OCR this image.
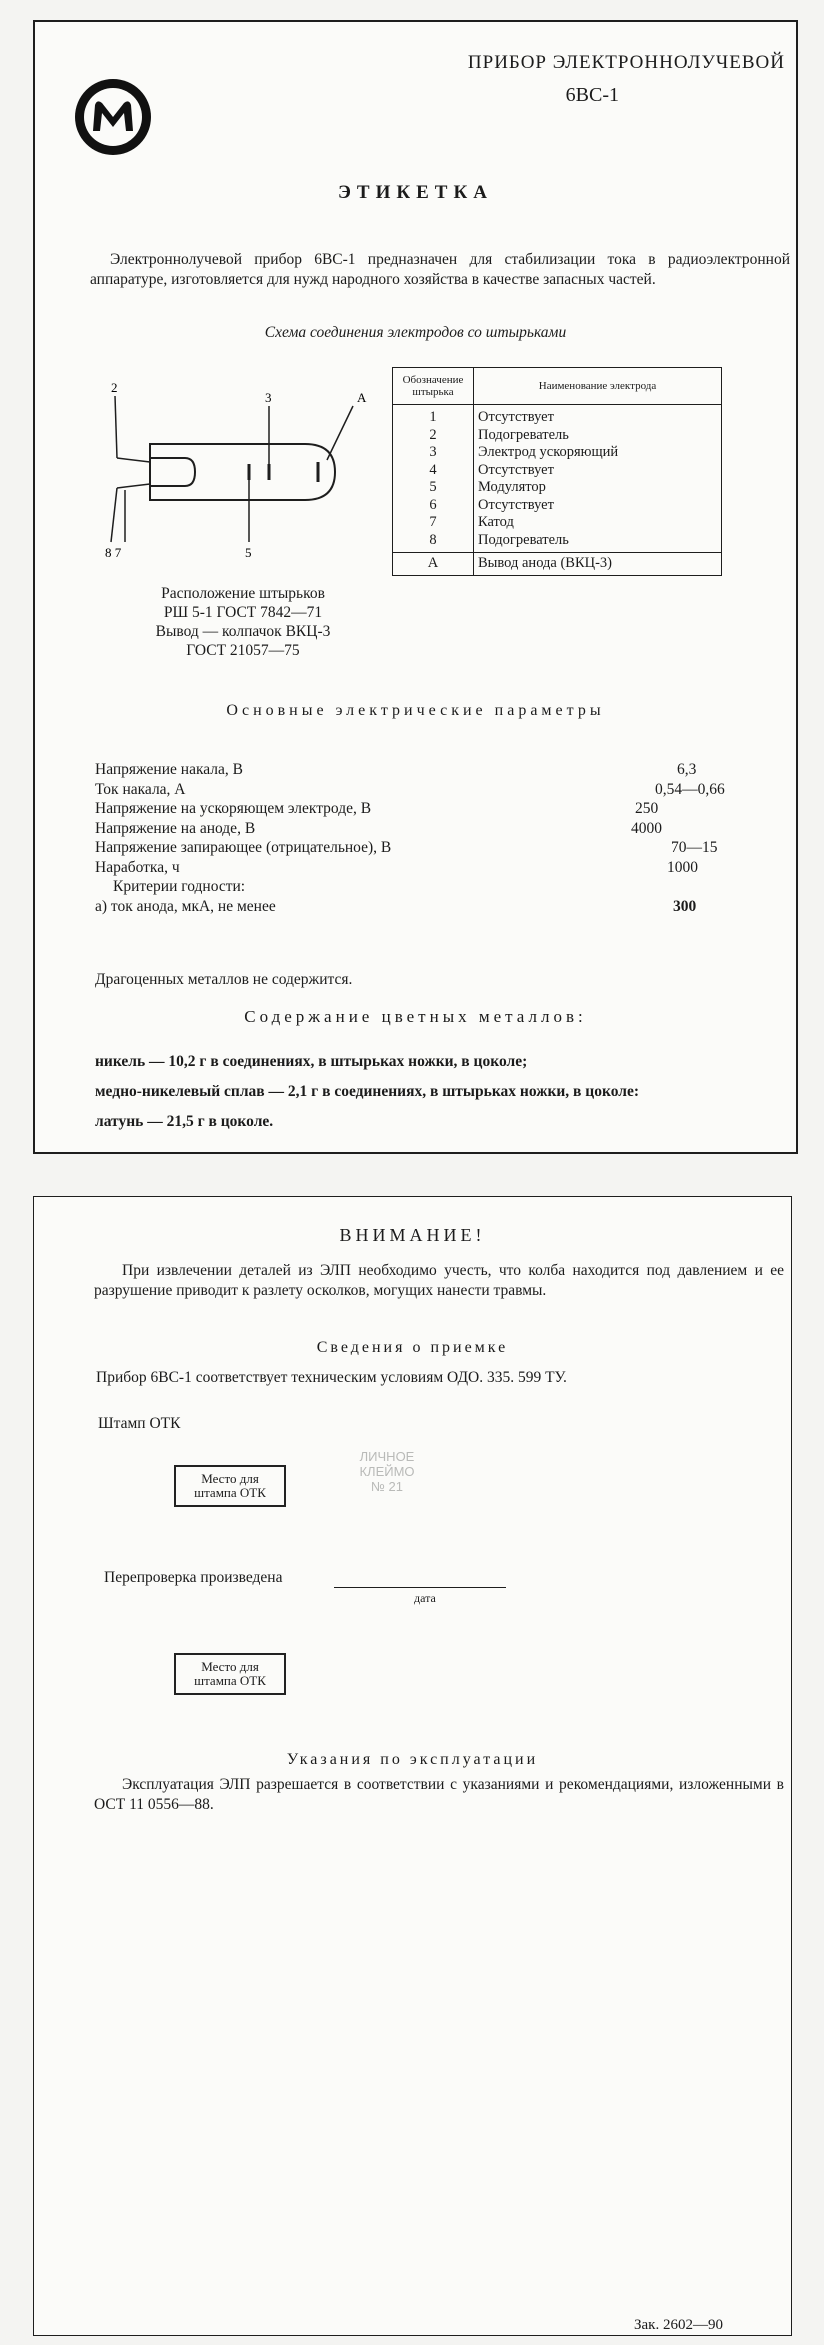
ПРИБОР ЭЛЕКТРОННОЛУЧЕВОЙ
6ВС-1
ЭТИКЕТКА
Электроннолучевой прибор 6ВС-1 предназначен для стабилизации тока в радиоэлектронной аппаратуре, изготовляется для нужд народного хозяйства в качестве запасных частей.
Схема соединения электродов со штырьками
2
3	А
8 7	5
Обозначение штырька	Наименование электрода
1	Отсутствует
2	Подогреватель
3	Электрод ускоряющий
4	Отсутствует
5	Модулятор
6	Отсутствует
7	Катод
8	Подогреватель
А	Вывод анода (ВКЦ-3)
Расположение штырьков
РШ 5-1 ГОСТ 7842—71
Вывод — колпачок ВКЦ-3
ГОСТ 21057—75
Основные электрические параметры
Напряжение накала, В	6,3
Ток накала, А	0,54—0,66
Напряжение на ускоряющем электроде, В	250
Напряжение на аноде, В	4000
Напряжение запирающее (отрицательное), В	70—15
Наработка, ч	1000
Критерии годности:
а) ток анода, мкА, не менее	300
Драгоценных металлов не содержится.
Содержание цветных металлов:
никель — 10,2 г в соединениях, в штырьках ножки, в цоколе;
медно-никелевый сплав — 2,1 г в соединениях, в штырьках ножки, в цоколе:
латунь — 21,5 г в цоколе.
ВНИМАНИЕ!
При извлечении деталей из ЭЛП необходимо учесть, что колба находится под давлением и ее разрушение приводит к разлету осколков, могущих нанести травмы.
Сведения о приемке
Прибор 6ВС-1 соответствует техническим условиям ОДО. 335. 599 ТУ.
Штамп ОТК
Место для
штампа ОТК
ЛИЧНОЕ
КЛЕЙМО
№ 21
Перепроверка произведена
дата
Место для
штампа ОТК
Указания по эксплуатации
Эксплуатация ЭЛП разрешается в соответствии с указаниями и рекомендациями, изложенными в ОСТ 11 0556—88.
Зак. 2602—90
